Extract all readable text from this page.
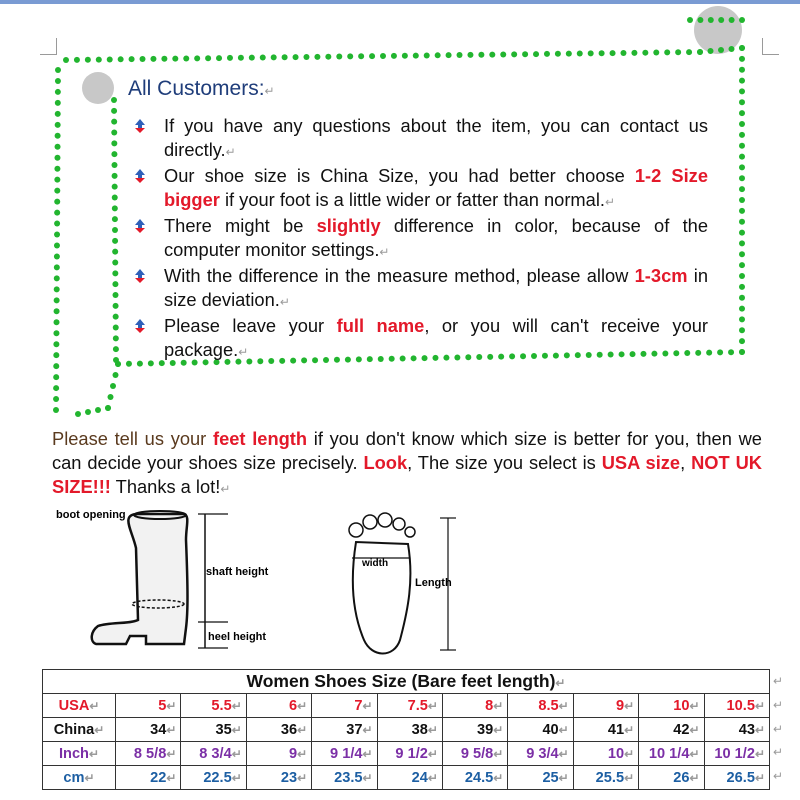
All Customers:↵
If you have any questions about the item, you can contact us directly.↵
Our shoe size is China Size, you had better choose 1-2 Size bigger if your foot is a little wider or fatter than normal.↵
There might be slightly difference in color, because of the computer monitor settings.↵
With the difference in the measure method, please allow 1-3cm in size deviation.↵
Please leave your full name, or you will can't receive your package.↵
Please tell us your feet length if you don't know which size is better for you, then we can decide your shoes size precisely. Look, The size you select is USA size, NOT UK SIZE!!! Thanks a lot!↵
boot opening
shaft height
heel height
width
Length
Women Shoes Size (Bare feet length)↵										
USA↵	5↵	5.5↵	6↵	7↵	7.5↵	8↵	8.5↵	9↵	10↵	10.5↵
China↵	34↵	35↵	36↵	37↵	38↵	39↵	40↵	41↵	42↵	43↵
Inch↵	8 5/8↵	8 3/4↵	9↵	9 1/4↵	9 1/2↵	9 5/8↵	9 3/4↵	10↵	10 1/4↵	10 1/2↵
cm↵	22↵	22.5↵	23↵	23.5↵	24↵	24.5↵	25↵	25.5↵	26↵	26.5↵
↵
↵
↵
↵
↵
